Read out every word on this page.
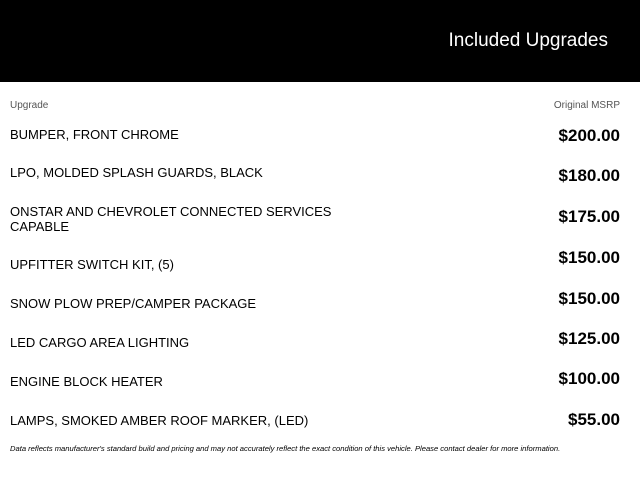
Included Upgrades
Upgrade	Original MSRP
BUMPER, FRONT CHROME	$200.00
LPO, MOLDED SPLASH GUARDS, BLACK	$180.00
ONSTAR AND CHEVROLET CONNECTED SERVICES CAPABLE	$175.00
UPFITTER SWITCH KIT, (5)	$150.00
SNOW PLOW PREP/CAMPER PACKAGE	$150.00
LED CARGO AREA LIGHTING	$125.00
ENGINE BLOCK HEATER	$100.00
LAMPS, SMOKED AMBER ROOF MARKER, (LED)	$55.00
Data reflects manufacturer's standard build and pricing and may not accurately reflect the exact condition of this vehicle. Please contact dealer for more information.
